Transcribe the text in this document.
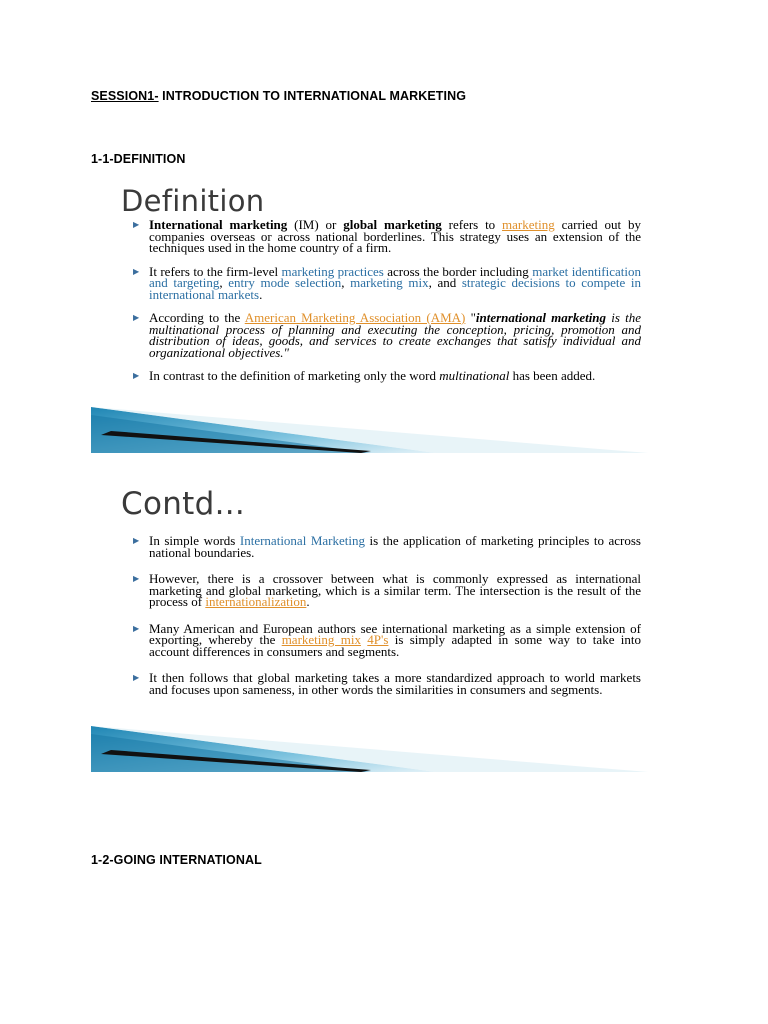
SESSION1- INTRODUCTION TO INTERNATIONAL MARKETING
1-1-DEFINITION
Definition
▶ International marketing (IM) or global marketing refers to marketing carried out by companies overseas or across national borderlines. This strategy uses an extension of the techniques used in the home country of a firm.
▶ It refers to the firm-level marketing practices across the border including market identification and targeting, entry mode selection, marketing mix, and strategic decisions to compete in international markets.
▶ According to the American Marketing Association (AMA) "international marketing is the multinational process of planning and executing the conception, pricing, promotion and distribution of ideas, goods, and services to create exchanges that satisfy individual and organizational objectives."
▶ In contrast to the definition of marketing only the word multinational has been added.
Contd...
▶ In simple words International Marketing is the application of marketing principles to across national boundaries.
▶ However, there is a crossover between what is commonly expressed as international marketing and global marketing, which is a similar term. The intersection is the result of the process of internationalization.
▶ Many American and European authors see international marketing as a simple extension of exporting, whereby the marketing mix 4P's is simply adapted in some way to take into account differences in consumers and segments.
▶ It then follows that global marketing takes a more standardized approach to world markets and focuses upon sameness, in other words the similarities in consumers and segments.
1-2-GOING INTERNATIONAL
